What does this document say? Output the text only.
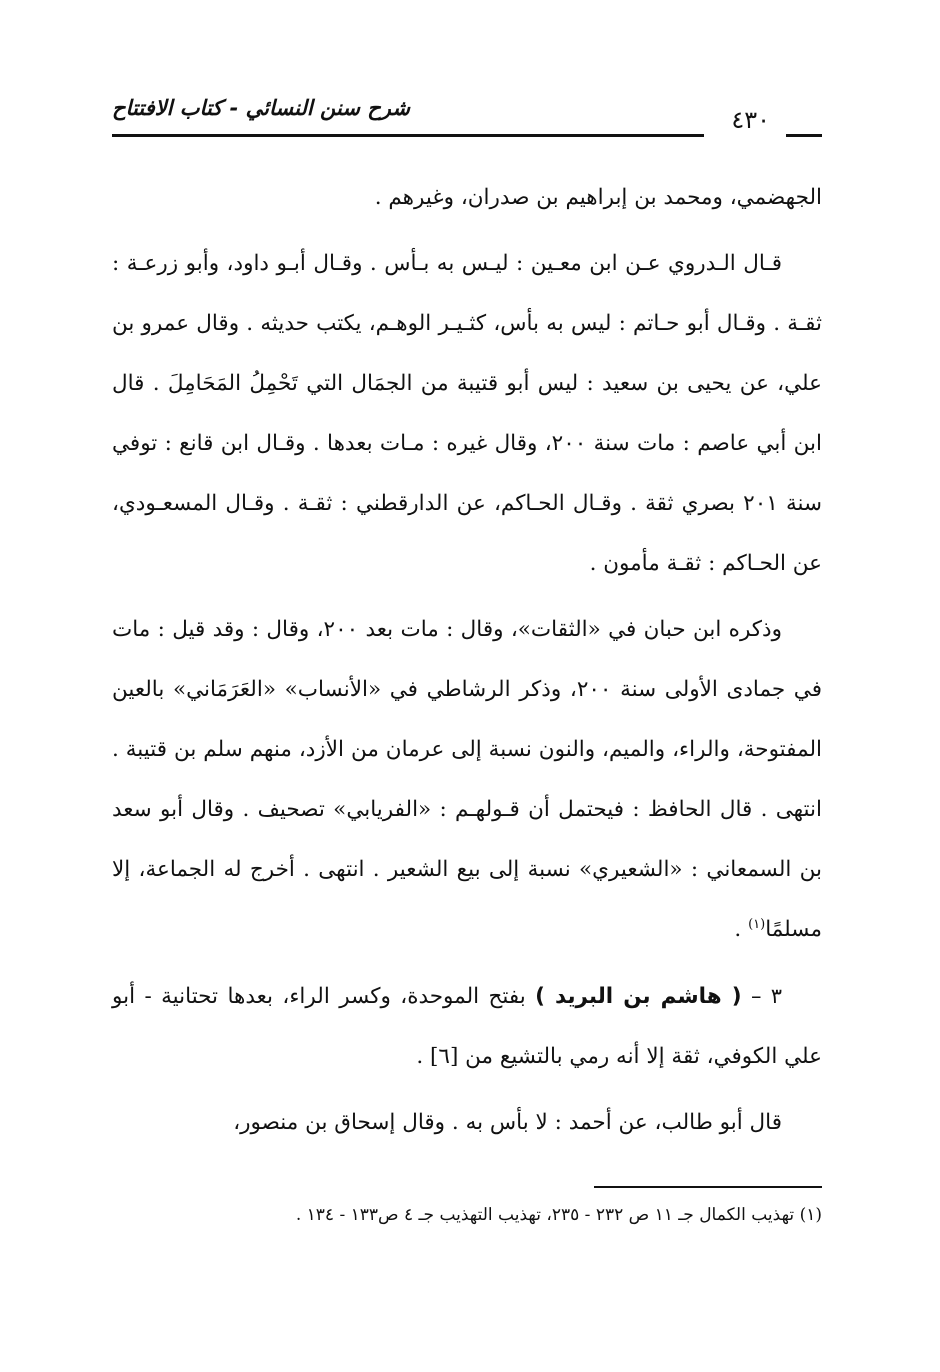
شرح سنن النسائي - كتاب الافتتاح	٤٣٠

الجهضمي، ومحمد بن إبراهيم بن صدران، وغيرهم .

قـال الـدروي عـن ابن معـين : ليـس به بـأس . وقـال أبـو داود، وأبو زرعـة : ثقـة . وقـال أبو حـاتم : ليس به بأس، كثـيـر الوهـم، يكتب حديثه . وقال عمرو بن علي، عن يحيى بن سعيد : ليس أبو قتيبة من الجمَال التي تَحْمِلُ المَحَامِلَ . قال ابن أبي عاصم : مات سنة ٢٠٠، وقال غيره : مـات بعدها . وقـال ابن قانع : توفي سنة ٢٠١ بصري ثقة . وقـال الحـاكم، عن الدارقطني : ثقـة . وقـال المسعـودي، عن الحـاكم : ثقـة مأمون .

وذكره ابن حبان في «الثقات»، وقال : مات بعد ٢٠٠، وقال : وقد قيل : مات في جمادى الأولى سنة ٢٠٠، وذكر الرشاطي في «الأنساب» «العَرَمَاني» بالعين المفتوحة، والراء، والميم، والنون نسبة إلى عرمان من الأزد، منهم سلم بن قتيبة . انتهى . قال الحافظ : فيحتمل أن قـولهـم : «الفريابي» تصحيف . وقال أبو سعد بن السمعاني : «الشعيري» نسبة إلى بيع الشعير . انتهى . أخرج له الجماعة، إلا مسلمًا$^{(١)}$ .

٣ – ( هاشم بن البريد ) بفتح الموحدة، وكسر الراء، بعدها تحتانية - أبو علي الكوفي، ثقة إلا أنه رمي بالتشيع من [٦] .

قال أبو طالب، عن أحمد : لا بأس به . وقال إسحاق بن منصور،

(١) تهذيب الكمال جـ ١١ ص ٢٣٢ - ٢٣٥، تهذيب التهذيب جـ ٤ ص١٣٣ - ١٣٤ .
